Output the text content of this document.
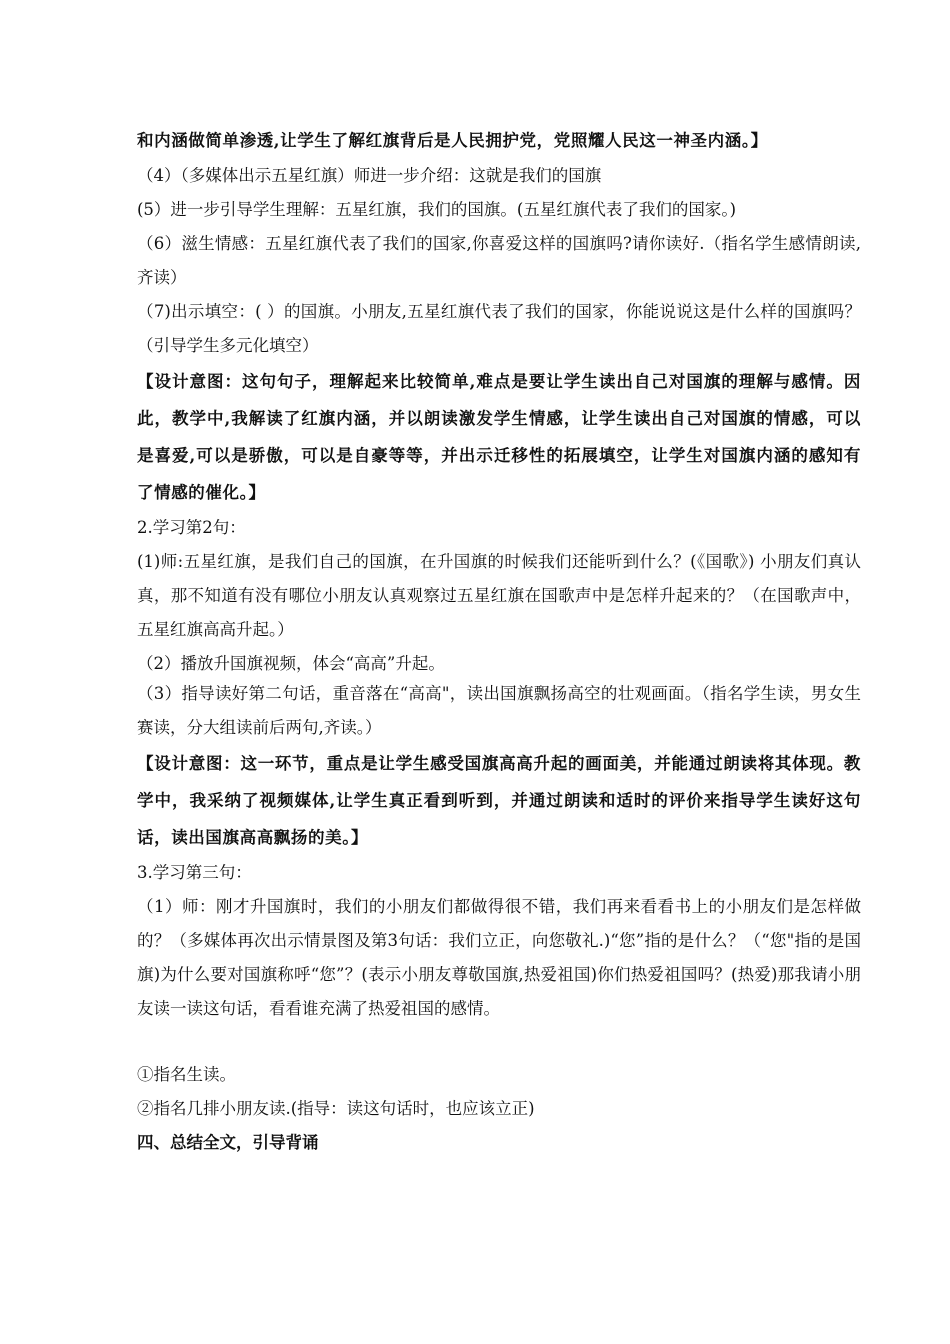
和内涵做简单渗透,让学生了解红旗背后是人民拥护党，党照耀人民这一神圣内涵。】

（4）（多媒体出示五星红旗）师进一步介绍：这就是我们的国旗

(5）进一步引导学生理解：五星红旗，我们的国旗。(五星红旗代表了我们的国家。)

（6）滋生情感：五星红旗代表了我们的国家,你喜爱这样的国旗吗?请你读好.（指名学生感情朗读,齐读）

（7)出示填空：( ）的国旗。小朋友,五星红旗代表了我们的国家，你能说说这是什么样的国旗吗？（引导学生多元化填空）

【设计意图：这句句子，理解起来比较简单,难点是要让学生读出自己对国旗的理解与感情。因此，教学中,我解读了红旗内涵，并以朗读激发学生情感，让学生读出自己对国旗的情感，可以是喜爱,可以是骄傲，可以是自豪等等，并出示迁移性的拓展填空，让学生对国旗内涵的感知有了情感的催化。】

2.学习第2句：

(1)师:五星红旗，是我们自己的国旗，在升国旗的时候我们还能听到什么？(《国歌》) 小朋友们真认真，那不知道有没有哪位小朋友认真观察过五星红旗在国歌声中是怎样升起来的？（在国歌声中，五星红旗高高升起。）

（2）播放升国旗视频，体会“高高”升起。

（3）指导读好第二句话，重音落在“高高"，读出国旗飘扬高空的壮观画面。（指名学生读，男女生赛读，分大组读前后两句,齐读。）

【设计意图：这一环节，重点是让学生感受国旗高高升起的画面美，并能通过朗读将其体现。教学中，我采纳了视频媒体,让学生真正看到听到，并通过朗读和适时的评价来指导学生读好这句话，读出国旗高高飘扬的美。】

3.学习第三句：

（1）师：刚才升国旗时，我们的小朋友们都做得很不错，我们再来看看书上的小朋友们是怎样做的？（多媒体再次出示情景图及第3句话：我们立正，向您敬礼.)“您”指的是什么？（“您"指的是国旗)为什么要对国旗称呼“您”？(表示小朋友尊敬国旗,热爱祖国)你们热爱祖国吗？(热爱)那我请小朋友读一读这句话，看看谁充满了热爱祖国的感情。

①指名生读。

②指名几排小朋友读.(指导：读这句话时，也应该立正)

四、总结全文，引导背诵
